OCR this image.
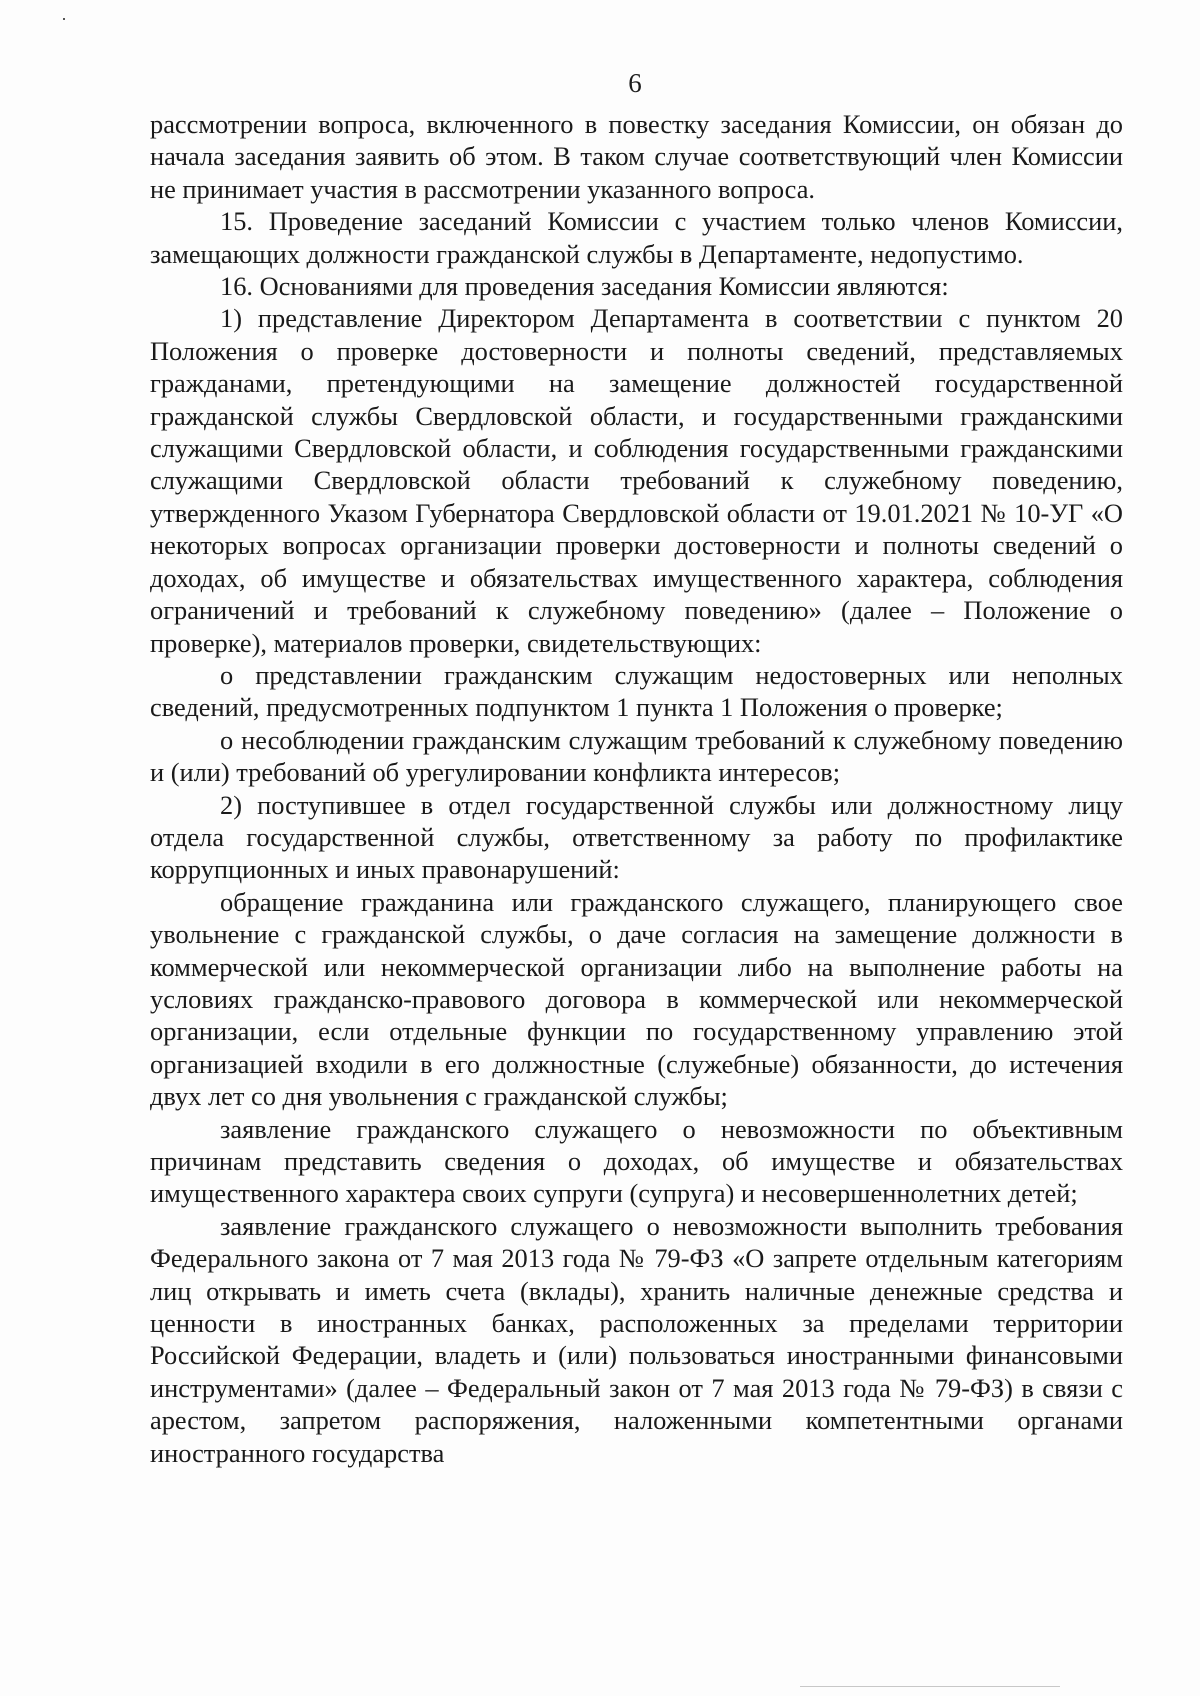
6

рассмотрении вопроса, включенного в повестку заседания Комиссии, он обязан до начала заседания заявить об этом. В таком случае соответствующий член Комиссии не принимает участия в рассмотрении указанного вопроса.

15. Проведение заседаний Комиссии с участием только членов Комиссии, замещающих должности гражданской службы в Департаменте, недопустимо.

16. Основаниями для проведения заседания Комиссии являются:

1) представление Директором Департамента в соответствии с пунктом 20 Положения о проверке достоверности и полноты сведений, представляемых гражданами, претендующими на замещение должностей государственной гражданской службы Свердловской области, и государственными гражданскими служащими Свердловской области, и соблюдения государственными гражданскими служащими Свердловской области требований к служебному поведению, утвержденного Указом Губернатора Свердловской области от 19.01.2021 № 10-УГ «О некоторых вопросах организации проверки достоверности и полноты сведений о доходах, об имуществе и обязательствах имущественного характера, соблюдения ограничений и требований к служебному поведению» (далее – Положение о проверке), материалов проверки, свидетельствующих:

о представлении гражданским служащим недостоверных или неполных сведений, предусмотренных подпунктом 1 пункта 1 Положения о проверке;

о несоблюдении гражданским служащим требований к служебному поведению и (или) требований об урегулировании конфликта интересов;

2) поступившее в отдел государственной службы или должностному лицу отдела государственной службы, ответственному за работу по профилактике коррупционных и иных правонарушений:

обращение гражданина или гражданского служащего, планирующего свое увольнение с гражданской службы, о даче согласия на замещение должности в коммерческой или некоммерческой организации либо на выполнение работы на условиях гражданско-правового договора в коммерческой или некоммерческой организации, если отдельные функции по государственному управлению этой организацией входили в его должностные (служебные) обязанности, до истечения двух лет со дня увольнения с гражданской службы;

заявление гражданского служащего о невозможности по объективным причинам представить сведения о доходах, об имуществе и обязательствах имущественного характера своих супруги (супруга) и несовершеннолетних детей;

заявление гражданского служащего о невозможности выполнить требования Федерального закона от 7 мая 2013 года № 79-ФЗ «О запрете отдельным категориям лиц открывать и иметь счета (вклады), хранить наличные денежные средства и ценности в иностранных банках, расположенных за пределами территории Российской Федерации, владеть и (или) пользоваться иностранными финансовыми инструментами» (далее – Федеральный закон от 7 мая 2013 года № 79-ФЗ) в связи с арестом, запретом распоряжения, наложенными компетентными органами иностранного государства
